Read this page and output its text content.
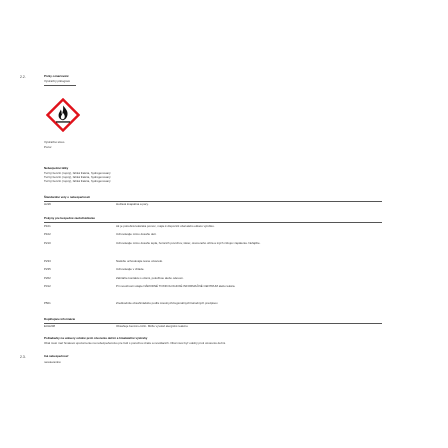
2.2.	Prvky označování
Výstražný piktogram
Výstražné slovo
Pozor
Nebezpečné látky
Tučný benzín (ropný), ľahká frakcia, hydrogenovaný
Tučný benzín (ropný), ľahká frakcia, hydrogenovaný
Tučný benzín (ropný), ľahká frakcia, hydrogenovaný
Štandardné vety o nebezpečnosti
H226	Horľavá kvapalina a pary.
Pokyny pre bezpečné zaobchádzanie
P101	Ak je potrebná lekárska pomoc, majte k dispozícii obal alebo etiketu výrobku.
P102	Uchovávajte mimo dosahu detí.
P210	Uchovávajte mimo dosahu tepla, horúcich povrchov, iskier, otvoreného ohňa a iných zdrojov zapálenia. Nefajčite.
P233	Nádobu uchovávajte tesne uzavretú.
P235	Uchovávajte v chlade.
P262	Zabráňte kontaktu s očami, pokožkou alebo odevom.
P312	Pri nevoľnosti volajte NÁRODNÉ TOXIKOLOGICKÉ INFORMAČNÉ CENTRUM alebo lekára.
P501	Zneškodnite obsah/nádobu podľa miestnych/regionálnych/národných predpisov.
Doplňujúce informácie
EUH208	Obsahuje benzén-ciclín. Môže vyvolať alergickú reakciu.
Požiadavky na uzávery odolné proti otvoreniu deťmi a hmatateľné výstrahy
Obal musí mať hmatové upozornenie na nebezpečenstvo pre ľudí s poruchou zraku a nevidiacich. Obal musí byť odolný proti otvoreniu deťmi.
2.3.	Iná nebezpečnosť
nerelevantné
